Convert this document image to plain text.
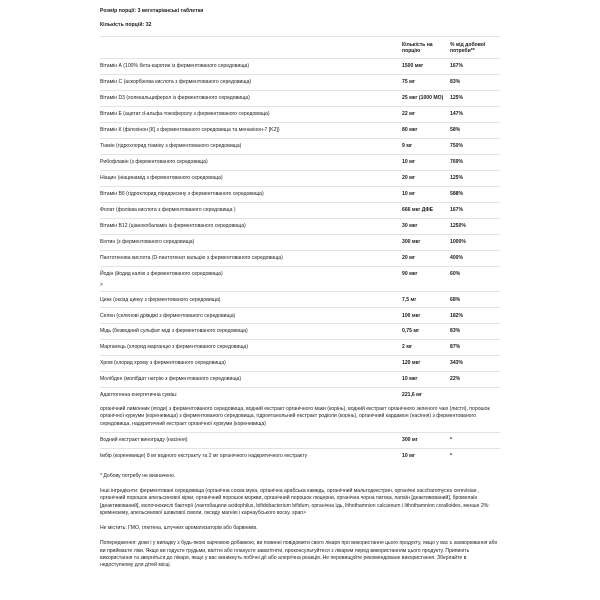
Розмір порції: 3 вегетаріанські таблетки
Кількість порцій: 32
	Кількість на порцію	% від добової потреби**
Вітамін А (100% бета-каротин із ферментованого середовища)	1500 мкг	167%
Вітамін С (аскорбінова кислота з ферментованого середовища)	75 мг	83%
Вітамін D3 (холекальциферол із ферментованого середовища)	25 мкг (1000 МО)	125%
Вітамін Е (ацетат d-альфа-токоферолу з ферментованого середовища)	22 мг	147%
Вітамін К (філохінон [К] з ферментованого середовища та менахінон-7 [K2])	80 мкг	58%
Тіамін (гідрохлорид тіаміну з ферментованого середовища)	9 мг	750%
Рибофлавін (з ферментованого середовища)	10 мг	769%
Ніацин (ніацинамід з ферментованого середовища)	20 мг	125%
Вітамін В6 (гідрохлорид піридоксину з ферментованого середовища)	10 мг	588%
Фолат (фолієва кислота з ферментованого середовища )	666 мкг ДФЕ	167%
Вітамін В12 (ціанокобаламін із ферментованого середовища)	30 мкг	1250%
Біотин (з ферментованого середовища)	300 мкг	1000%
Пантотенова кислота (D-пантотенат кальцію з ферментованого середовища)	20 мг	400%
Йодін (йодид калію з ферментованого середовища)	90 мкг	60%
>		
Цинк (оксид цинку з ферментованого середовища)	7,5 мг	68%
Селен (селенові дріжджі з ферментованого середовища)	100 мкг	182%
Мідь (безводний сульфат міді з ферментованого середовища)	0,75 мг	83%
Марганець (хлорид марганцю з ферментованого середовища)	2 мг	87%
Хром (хлорид хрому з ферментованого середовища)	120 мкг	343%
Молібден (молібдат натрію з ферментованого середовища)	10 мкг	22%
Адаптогенна енергетична суміш:	221,6 мг	
органічний лимонник (ягоди) з ферментованого середовища, водний екстракт органічного маки (корінь), водний екстракт органічного зеленого чаю (листя), порошок органічної куркуми (кореневища) з ферментованого середовища, гідроетанольний екстракт родіоли (корінь), органічний кардамон (насіння) з ферментованого середовища, надкритичний екстракт органічної куркуми (кореневища)		
Водний екстракт винограду (насіння)	300 мг	*
Імбір (кореневище) 8 мг водного екстракту та 2 мг органічного надкритичного екстракту	10 мг	*

* Добову потребу не визначено.

Інші інгредієнти: ферментовані середовища (органічна соєва мука, органічна арабська камедь, органічний мальтодекстрин, органічні saccharomyces cerevisiae , органічний порошок апельсинової кірки, органічний порошок моркви, органічний порошок люцерни, органічна чорна патока, папаїн [деактивований], бромелаїн [деактивований], молочнокислі бактерії (лактобацили acidophilus, bifidobacterium bifidum, органічна їдь, lithothamnion calcareum і lithothamnion coralloides, менше 2%: кремнезему, апельсинової шовкової смоли, оксиду магнію і карнаубського воску. span>

Не містить: ГМО, глютена, штучних ароматизаторів або барвників.

Попередження: доки і у випадку з будь-якою харчовою добавкою, ви повинні повідомити свого лікаря про використання цього продукту, якщо у вас є захворювання або ви приймаєте ліки. Якщо ви годуєте грудьми, вагітні або плануєте завагітніти, проконсультуйтеся з лікарем перед використанням цього продукту. Припиніть використання та зверніться до лікаря, якщо у вас виникнуть побічні дії або алергічна реакція. Не перевищуйте рекомендоване використання. Зберігайте в недоступному для дітей місці.
